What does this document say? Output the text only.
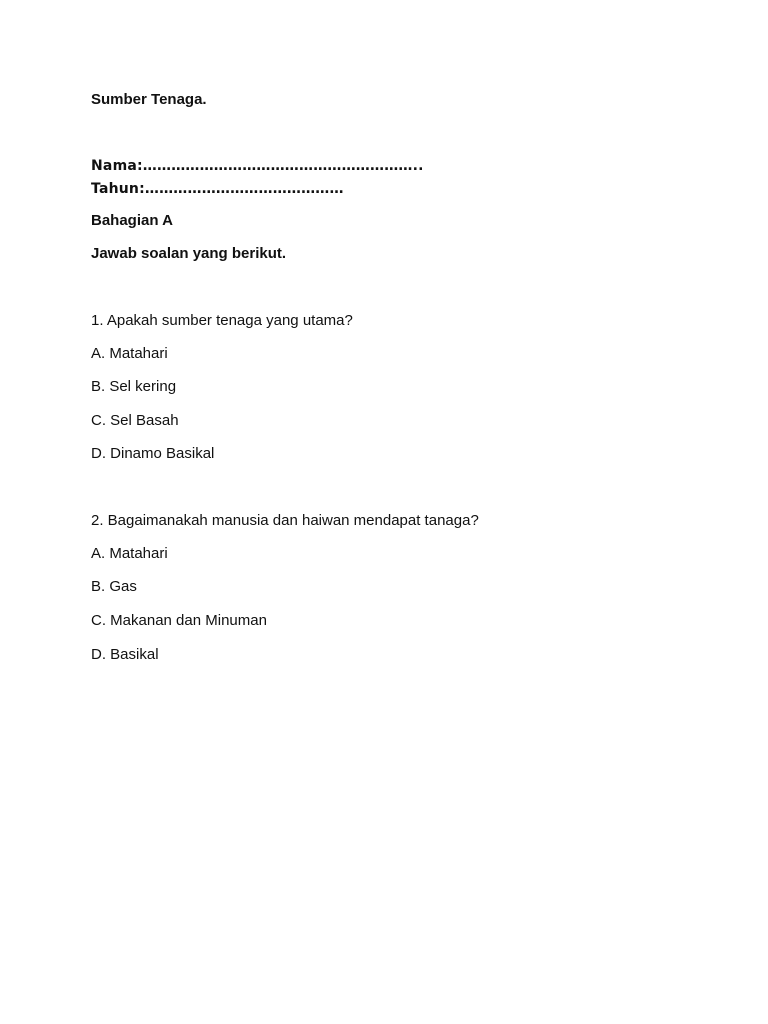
Sumber Tenaga.
Nama:…………………………………………………..
Tahun:……………………………………
Bahagian A
Jawab soalan yang berikut.
1. Apakah sumber tenaga yang utama?
A. Matahari
B. Sel kering
C. Sel Basah
D. Dinamo Basikal
2. Bagaimanakah manusia dan haiwan mendapat tanaga?
A. Matahari
B. Gas
C. Makanan dan Minuman
D. Basikal
